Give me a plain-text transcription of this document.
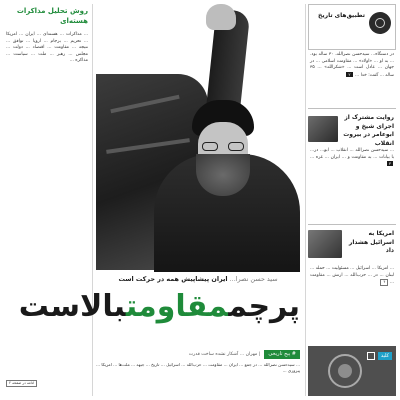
تطبیق‌های تاریخ
در دستگاه... سیدحسن نصرالله، ۳۰ ساله بود. ... به او ... «اولاد» ... مقاومت اسلامی ... در جهان ... عادل است ... «شکرالله» ... ۳۵ ساله ... گفت: خدا ... ۲
روایت مشترک از اجرای شیخ و ابوعامر در بیروت انقلاب
... سیدحسن نصرالله ... انقلاب ... ابو... در... با بیانات ... به مقاومت و ... ایران ... غزه ... ۳
امریکا به اسرائیل هشدار داد
... امریکا ... اسرائیل ... مسئولیت ... حمله ... لبنان ... در ... حزب‌الله ... ارتش ... مقاومت ... ۴
کلید
سید حسن نصرا... ایران پیشاپیش همه در حرکت است
پرچممقاومتبالاست
# پیج تاریخی
| مهران ... آشکار نشده ساخت قدرت
... سیدحسن نصرالله ... در جمع ... ایران ... مقاومت ... حزب‌الله ... اسرائیل ... تاریخ ... جبهه ... ملت‌ها ... امریکا ... پیروزی ...
روش تحلیل مذاکرات هسته‌ای
... مذاکرات ... هسته‌ای ... ایران ... امریکا ... تحریم ... برجام ... اروپا ... توافق ... نتیجه ... مقاومت ... اقتصاد ... دولت ... مجلس ... رهبر ... ملت ... سیاست ... مذاکره ...
ادامه در صفحه ۲
